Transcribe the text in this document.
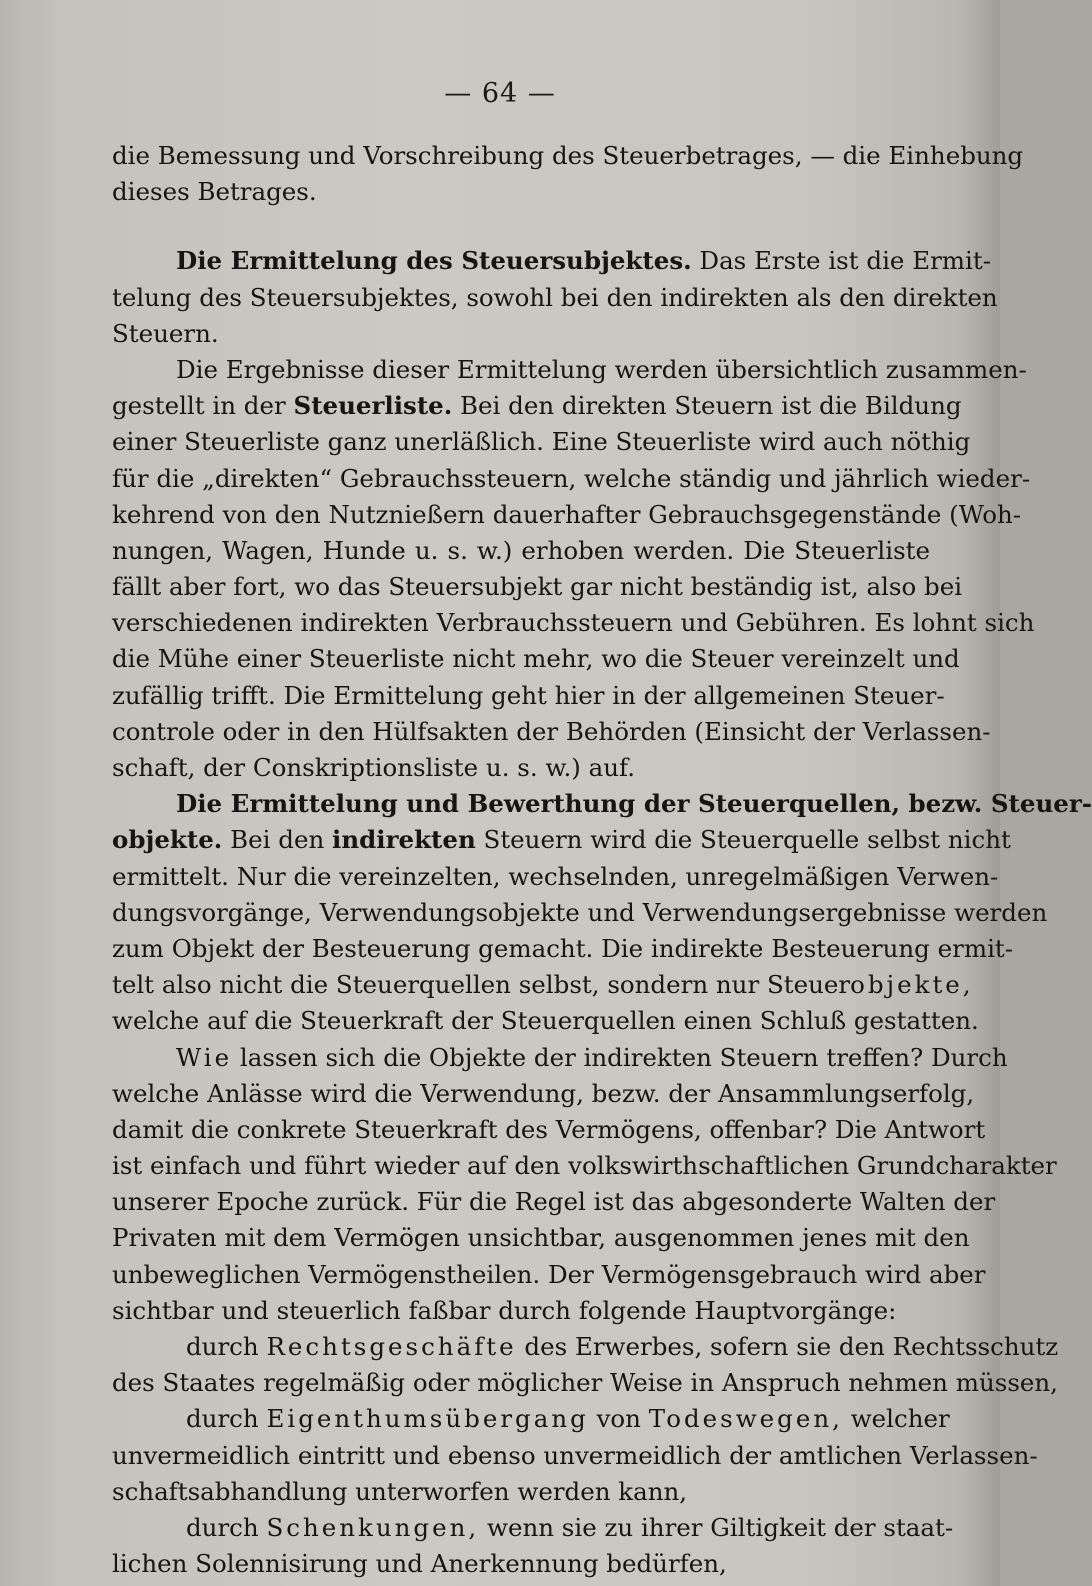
— 64 —
die Bemessung und Vorschreibung des Steuerbetrages, — die Einhebung
dieses Betrages.
Die Ermittelung des Steuersubjektes. Das Erste ist die Ermit-
telung des Steuersubjektes, sowohl bei den indirekten als den direkten
Steuern.
Die Ergebnisse dieser Ermittelung werden übersichtlich zusammen-
gestellt in der Steuerliste. Bei den direkten Steuern ist die Bildung
einer Steuerliste ganz unerläßlich. Eine Steuerliste wird auch nöthig
für die „direkten“ Gebrauchssteuern, welche ständig und jährlich wieder-
kehrend von den Nutznießern dauerhafter Gebrauchsgegenstände (Woh-
nungen, Wagen, Hunde u. s. w.) erhoben werden. Die Steuerliste
fällt aber fort, wo das Steuersubjekt gar nicht beständig ist, also bei
verschiedenen indirekten Verbrauchssteuern und Gebühren. Es lohnt sich
die Mühe einer Steuerliste nicht mehr, wo die Steuer vereinzelt und
zufällig trifft. Die Ermittelung geht hier in der allgemeinen Steuer-
controle oder in den Hülfsakten der Behörden (Einsicht der Verlassen-
schaft, der Conskriptionsliste u. s. w.) auf.
Die Ermittelung und Bewerthung der Steuerquellen, bezw. Steuer-
objekte. Bei den indirekten Steuern wird die Steuerquelle selbst nicht
ermittelt. Nur die vereinzelten, wechselnden, unregelmäßigen Verwen-
dungsvorgänge, Verwendungsobjekte und Verwendungsergebnisse werden
zum Objekt der Besteuerung gemacht. Die indirekte Besteuerung ermit-
telt also nicht die Steuerquellen selbst, sondern nur Steuerobjekte,
welche auf die Steuerkraft der Steuerquellen einen Schluß gestatten.
Wie lassen sich die Objekte der indirekten Steuern treffen? Durch
welche Anlässe wird die Verwendung, bezw. der Ansammlungserfolg,
damit die conkrete Steuerkraft des Vermögens, offenbar? Die Antwort
ist einfach und führt wieder auf den volkswirthschaftlichen Grundcharakter
unserer Epoche zurück. Für die Regel ist das abgesonderte Walten der
Privaten mit dem Vermögen unsichtbar, ausgenommen jenes mit den
unbeweglichen Vermögenstheilen. Der Vermögensgebrauch wird aber
sichtbar und steuerlich faßbar durch folgende Hauptvorgänge:
durch Rechtsgeschäfte des Erwerbes, sofern sie den Rechtsschutz
des Staates regelmäßig oder möglicher Weise in Anspruch nehmen müssen,
durch Eigenthumsübergang von Todeswegen, welcher
unvermeidlich eintritt und ebenso unvermeidlich der amtlichen Verlassen-
schaftsabhandlung unterworfen werden kann,
durch Schenkungen, wenn sie zu ihrer Giltigkeit der staat-
lichen Solennisirung und Anerkennung bedürfen,
